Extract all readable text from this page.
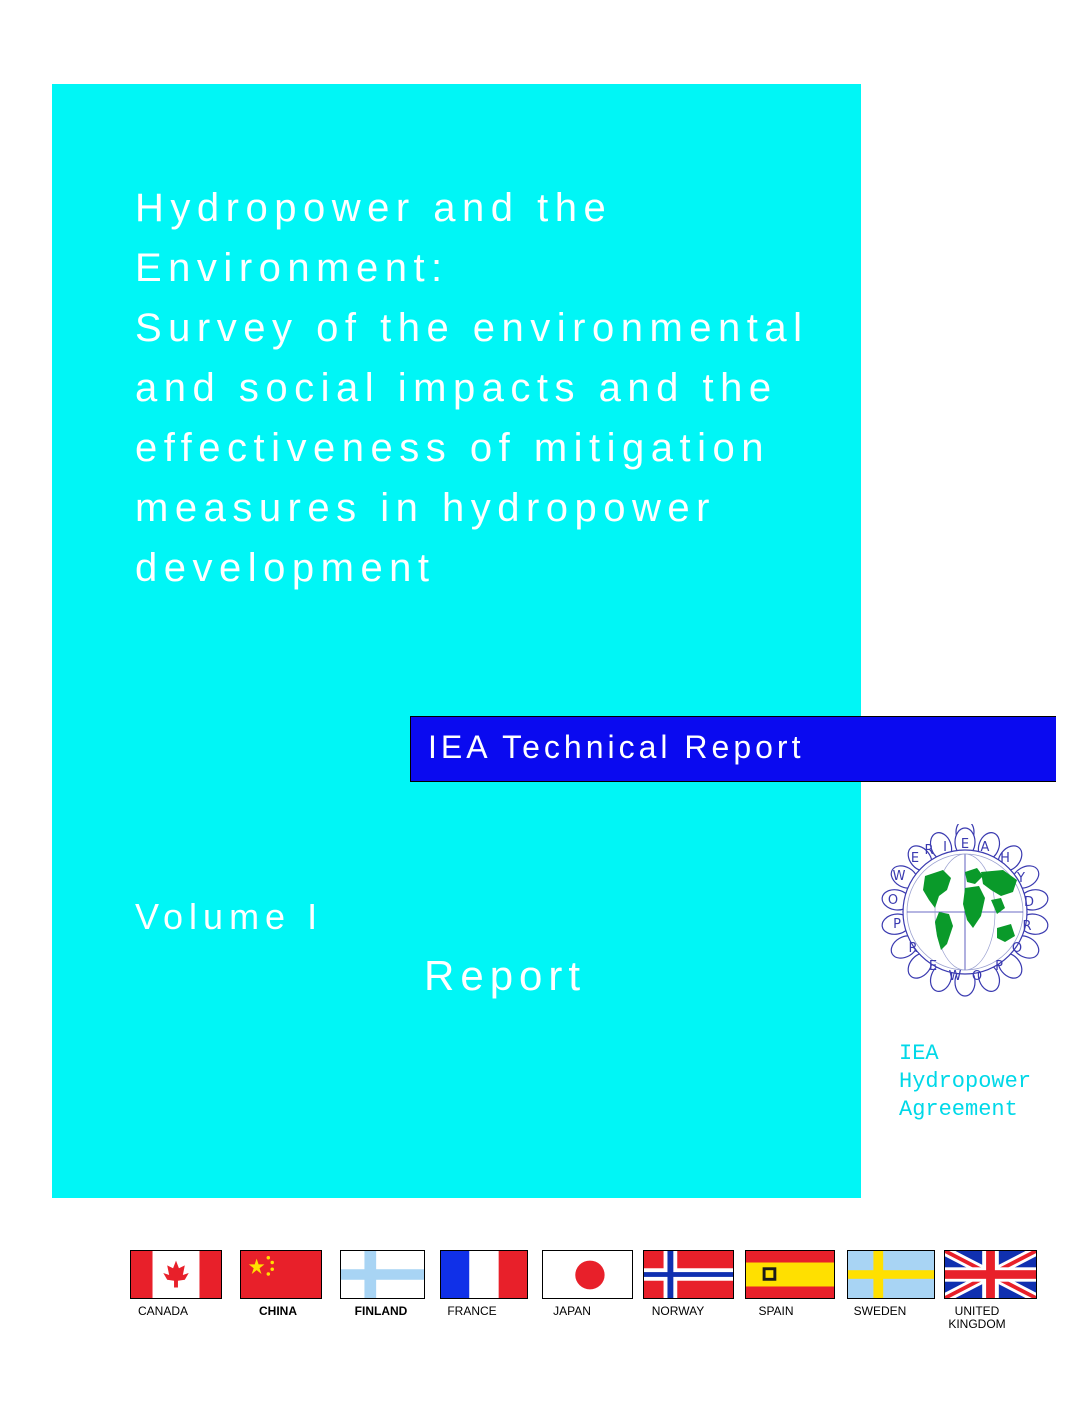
Hydropower and the
Environment:
Survey of the environmental
and social impacts and the
effectiveness of mitigation
measures in hydropower
development
IEA Technical Report
Volume I
Report
E
I	A
H
Y
D
R
O
P
O
W
E
R
P
O
W
E
R
IEA
Hydropower
Agreement
CANADA	CHINA	FINLAND	FRANCE	JAPAN	NORWAY	SPAIN	SWEDEN	UNITED KINGDOM
